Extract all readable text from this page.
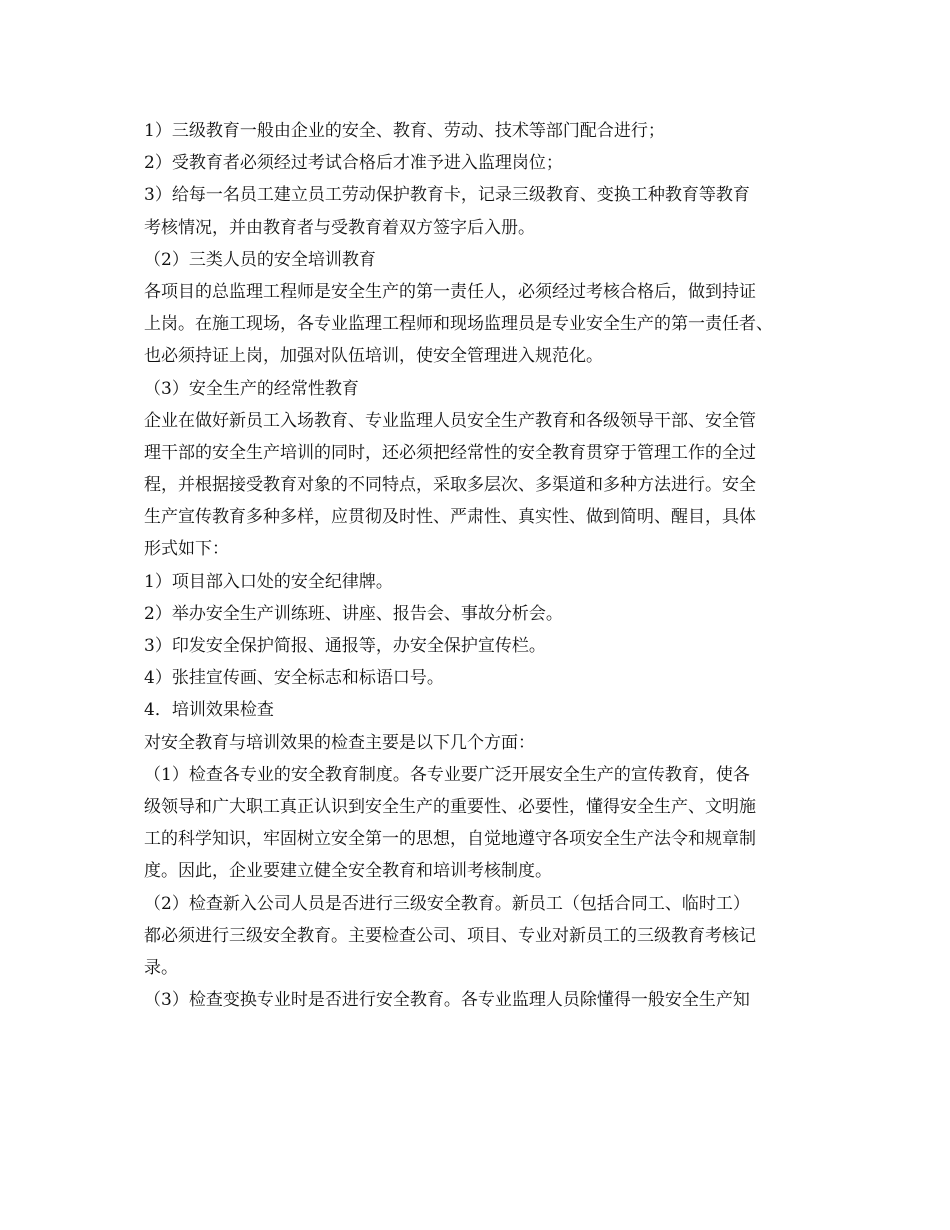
1）三级教育一般由企业的安全、教育、劳动、技术等部门配合进行；
2）受教育者必须经过考试合格后才准予进入监理岗位；
3）给每一名员工建立员工劳动保护教育卡，记录三级教育、变换工种教育等教育
考核情况，并由教育者与受教育着双方签字后入册。
（2）三类人员的安全培训教育
各项目的总监理工程师是安全生产的第一责任人，必须经过考核合格后，做到持证
上岗。在施工现场，各专业监理工程师和现场监理员是专业安全生产的第一责任者、
也必须持证上岗，加强对队伍培训，使安全管理进入规范化。
（3）安全生产的经常性教育
企业在做好新员工入场教育、专业监理人员安全生产教育和各级领导干部、安全管
理干部的安全生产培训的同时，还必须把经常性的安全教育贯穿于管理工作的全过
程，并根据接受教育对象的不同特点，采取多层次、多渠道和多种方法进行。安全
生产宣传教育多种多样，应贯彻及时性、严肃性、真实性、做到简明、醒目，具体
形式如下：
1）项目部入口处的安全纪律牌。
2）举办安全生产训练班、讲座、报告会、事故分析会。
3）印发安全保护简报、通报等，办安全保护宣传栏。
4）张挂宣传画、安全标志和标语口号。
4．培训效果检查
对安全教育与培训效果的检查主要是以下几个方面：
（1）检查各专业的安全教育制度。各专业要广泛开展安全生产的宣传教育，使各
级领导和广大职工真正认识到安全生产的重要性、必要性，懂得安全生产、文明施
工的科学知识，牢固树立安全第一的思想，自觉地遵守各项安全生产法令和规章制
度。因此，企业要建立健全安全教育和培训考核制度。
（2）检查新入公司人员是否进行三级安全教育。新员工（包括合同工、临时工）
都必须进行三级安全教育。主要检查公司、项目、专业对新员工的三级教育考核记
录。
（3）检查变换专业时是否进行安全教育。各专业监理人员除懂得一般安全生产知
